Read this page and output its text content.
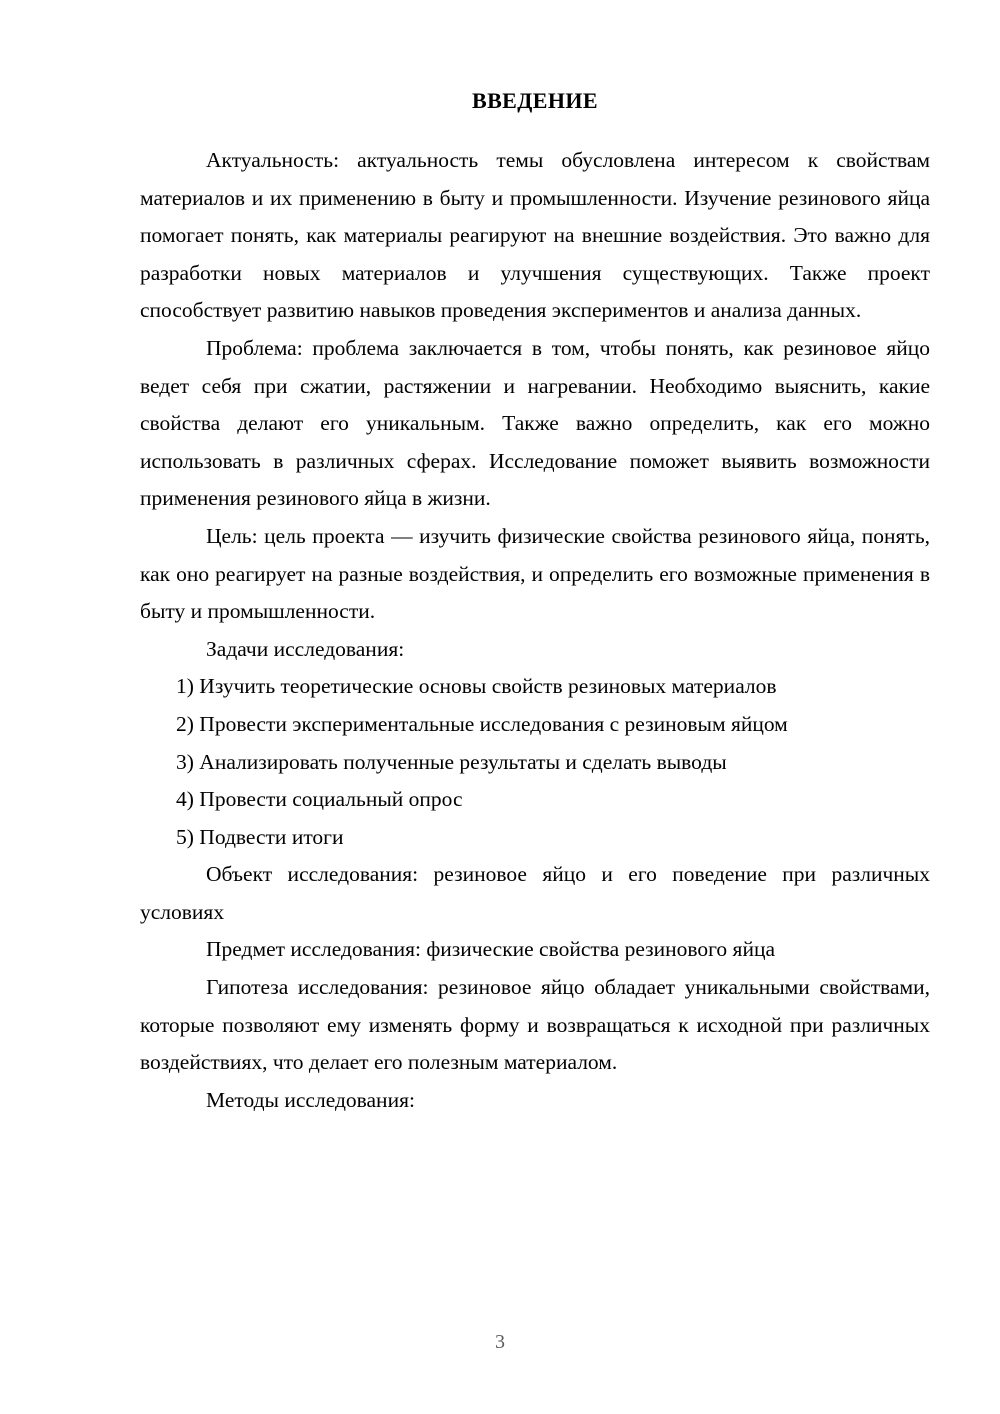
ВВЕДЕНИЕ

Актуальность: актуальность темы обусловлена интересом к свойствам материалов и их применению в быту и промышленности. Изучение резинового яйца помогает понять, как материалы реагируют на внешние воздействия. Это важно для разработки новых материалов и улучшения существующих. Также проект способствует развитию навыков проведения экспериментов и анализа данных.

Проблема: проблема заключается в том, чтобы понять, как резиновое яйцо ведет себя при сжатии, растяжении и нагревании. Необходимо выяснить, какие свойства делают его уникальным. Также важно определить, как его можно использовать в различных сферах. Исследование поможет выявить возможности применения резинового яйца в жизни.

Цель: цель проекта — изучить физические свойства резинового яйца, понять, как оно реагирует на разные воздействия, и определить его возможные применения в быту и промышленности.

Задачи исследования:

1) Изучить теоретические основы свойств резиновых материалов
2) Провести экспериментальные исследования с резиновым яйцом
3) Анализировать полученные результаты и сделать выводы
4) Провести социальный опрос
5) Подвести итоги

Объект исследования: резиновое яйцо и его поведение при различных условиях

Предмет исследования: физические свойства резинового яйца

Гипотеза исследования: резиновое яйцо обладает уникальными свойствами, которые позволяют ему изменять форму и возвращаться к исходной при различных воздействиях, что делает его полезным материалом.

Методы исследования:

3
